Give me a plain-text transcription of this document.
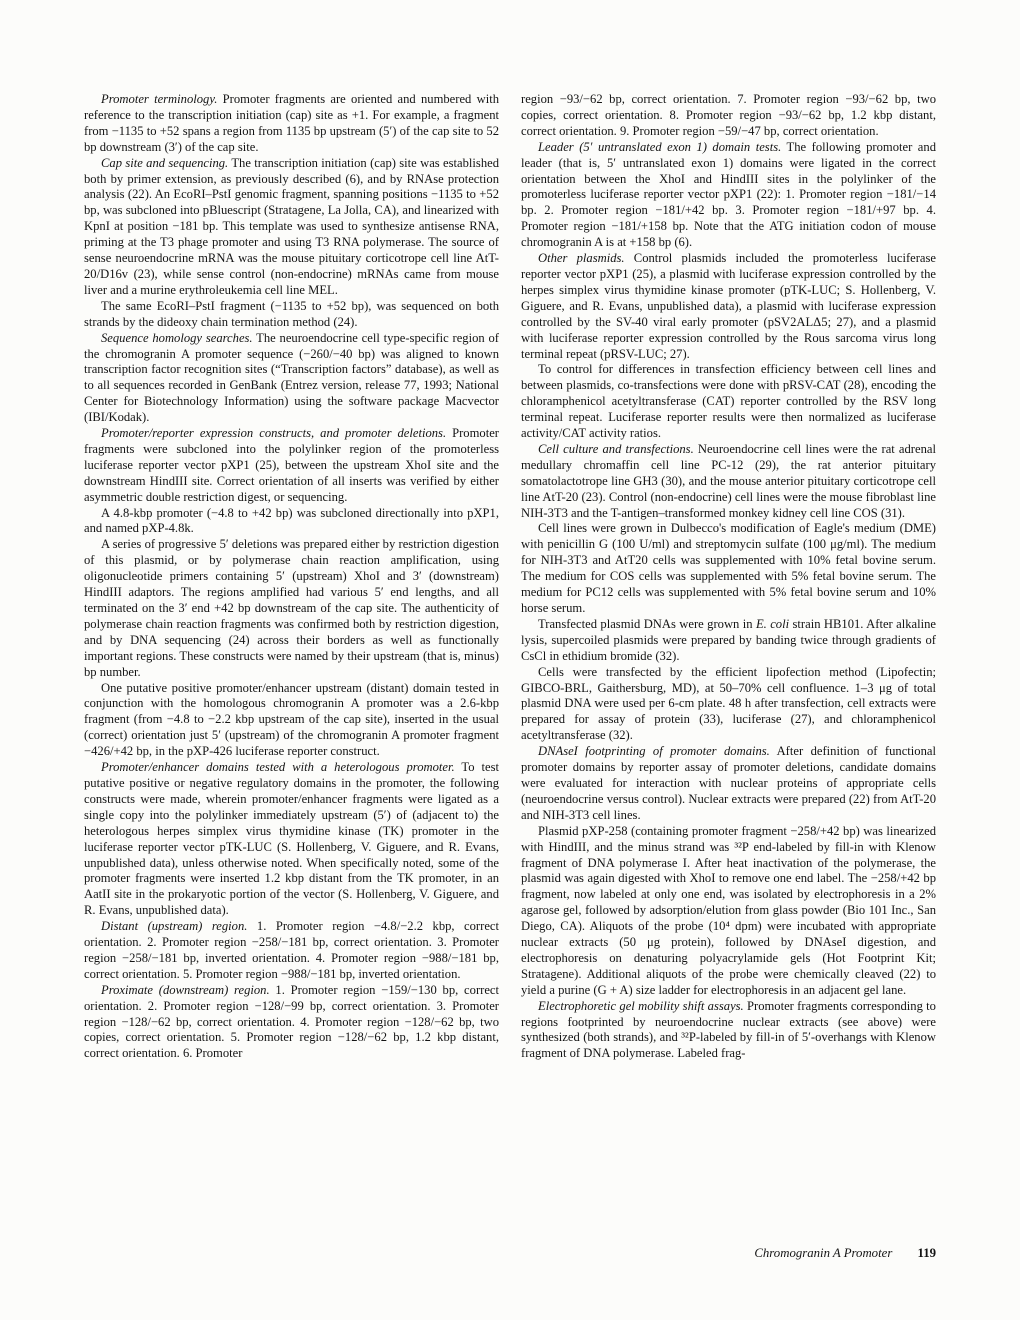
Promoter terminology. Promoter fragments are oriented and numbered with reference to the transcription initiation (cap) site as +1. For example, a fragment from −1135 to +52 spans a region from 1135 bp upstream (5′) of the cap site to 52 bp downstream (3′) of the cap site.

Cap site and sequencing. The transcription initiation (cap) site was established both by primer extension, as previously described (6), and by RNAse protection analysis (22). An EcoRI–PstI genomic fragment, spanning positions −1135 to +52 bp, was subcloned into pBluescript (Stratagene, La Jolla, CA), and linearized with KpnI at position −181 bp. This template was used to synthesize antisense RNA, priming at the T3 phage promoter and using T3 RNA polymerase. The source of sense neuroendocrine mRNA was the mouse pituitary corticotrope cell line AtT-20/D16v (23), while sense control (non-endocrine) mRNAs came from mouse liver and a murine erythroleukemia cell line MEL.

The same EcoRI–PstI fragment (−1135 to +52 bp), was sequenced on both strands by the dideoxy chain termination method (24).

Sequence homology searches. The neuroendocrine cell type-specific region of the chromogranin A promoter sequence (−260/−40 bp) was aligned to known transcription factor recognition sites (“Transcription factors” database), as well as to all sequences recorded in GenBank (Entrez version, release 77, 1993; National Center for Biotechnology Information) using the software package Macvector (IBI/Kodak).

Promoter/reporter expression constructs, and promoter deletions. Promoter fragments were subcloned into the polylinker region of the promoterless luciferase reporter vector pXP1 (25), between the upstream XhoI site and the downstream HindIII site. Correct orientation of all inserts was verified by either asymmetric double restriction digest, or sequencing.

A 4.8-kbp promoter (−4.8 to +42 bp) was subcloned directionally into pXP1, and named pXP-4.8k.

A series of progressive 5′ deletions was prepared either by restriction digestion of this plasmid, or by polymerase chain reaction amplification, using oligonucleotide primers containing 5′ (upstream) XhoI and 3′ (downstream) HindIII adaptors. The regions amplified had various 5′ end lengths, and all terminated on the 3′ end +42 bp downstream of the cap site. The authenticity of polymerase chain reaction fragments was confirmed both by restriction digestion, and by DNA sequencing (24) across their borders as well as functionally important regions. These constructs were named by their upstream (that is, minus) bp number.

One putative positive promoter/enhancer upstream (distant) domain tested in conjunction with the homologous chromogranin A promoter was a 2.6-kbp fragment (from −4.8 to −2.2 kbp upstream of the cap site), inserted in the usual (correct) orientation just 5′ (upstream) of the chromogranin A promoter fragment −426/+42 bp, in the pXP-426 luciferase reporter construct.

Promoter/enhancer domains tested with a heterologous promoter. To test putative positive or negative regulatory domains in the promoter, the following constructs were made, wherein promoter/enhancer fragments were ligated as a single copy into the polylinker immediately upstream (5′) of (adjacent to) the heterologous herpes simplex virus thymidine kinase (TK) promoter in the luciferase reporter vector pTK-LUC (S. Hollenberg, V. Giguere, and R. Evans, unpublished data), unless otherwise noted. When specifically noted, some of the promoter fragments were inserted 1.2 kbp distant from the TK promoter, in an AatII site in the prokaryotic portion of the vector (S. Hollenberg, V. Giguere, and R. Evans, unpublished data).

Distant (upstream) region. 1. Promoter region −4.8/−2.2 kbp, correct orientation. 2. Promoter region −258/−181 bp, correct orientation. 3. Promoter region −258/−181 bp, inverted orientation. 4. Promoter region −988/−181 bp, correct orientation. 5. Promoter region −988/−181 bp, inverted orientation.

Proximate (downstream) region. 1. Promoter region −159/−130 bp, correct orientation. 2. Promoter region −128/−99 bp, correct orientation. 3. Promoter region −128/−62 bp, correct orientation. 4. Promoter region −128/−62 bp, two copies, correct orientation. 5. Promoter region −128/−62 bp, 1.2 kbp distant, correct orientation. 6. Promoter

region −93/−62 bp, correct orientation. 7. Promoter region −93/−62 bp, two copies, correct orientation. 8. Promoter region −93/−62 bp, 1.2 kbp distant, correct orientation. 9. Promoter region −59/−47 bp, correct orientation.

Leader (5′ untranslated exon 1) domain tests. The following promoter and leader (that is, 5′ untranslated exon 1) domains were ligated in the correct orientation between the XhoI and HindIII sites in the polylinker of the promoterless luciferase reporter vector pXP1 (22): 1. Promoter region −181/−14 bp. 2. Promoter region −181/+42 bp. 3. Promoter region −181/+97 bp. 4. Promoter region −181/+158 bp. Note that the ATG initiation codon of mouse chromogranin A is at +158 bp (6).

Other plasmids. Control plasmids included the promoterless luciferase reporter vector pXP1 (25), a plasmid with luciferase expression controlled by the herpes simplex virus thymidine kinase promoter (pTK-LUC; S. Hollenberg, V. Giguere, and R. Evans, unpublished data), a plasmid with luciferase expression controlled by the SV-40 viral early promoter (pSV2ALΔ5; 27), and a plasmid with luciferase reporter expression controlled by the Rous sarcoma virus long terminal repeat (pRSV-LUC; 27).

To control for differences in transfection efficiency between cell lines and between plasmids, co-transfections were done with pRSV-CAT (28), encoding the chloramphenicol acetyltransferase (CAT) reporter controlled by the RSV long terminal repeat. Luciferase reporter results were then normalized as luciferase activity/CAT activity ratios.

Cell culture and transfections. Neuroendocrine cell lines were the rat adrenal medullary chromaffin cell line PC-12 (29), the rat anterior pituitary somatolactotrope line GH3 (30), and the mouse anterior pituitary corticotrope cell line AtT-20 (23). Control (non-endocrine) cell lines were the mouse fibroblast line NIH-3T3 and the T-antigen–transformed monkey kidney cell line COS (31).

Cell lines were grown in Dulbecco's modification of Eagle's medium (DME) with penicillin G (100 U/ml) and streptomycin sulfate (100 μg/ml). The medium for NIH-3T3 and AtT20 cells was supplemented with 10% fetal bovine serum. The medium for COS cells was supplemented with 5% fetal bovine serum. The medium for PC12 cells was supplemented with 5% fetal bovine serum and 10% horse serum.

Transfected plasmid DNAs were grown in E. coli strain HB101. After alkaline lysis, supercoiled plasmids were prepared by banding twice through gradients of CsCl in ethidium bromide (32).

Cells were transfected by the efficient lipofection method (Lipofectin; GIBCO-BRL, Gaithersburg, MD), at 50–70% cell confluence. 1–3 μg of total plasmid DNA were used per 6-cm plate. 48 h after transfection, cell extracts were prepared for assay of protein (33), luciferase (27), and chloramphenicol acetyltransferase (32).

DNAseI footprinting of promoter domains. After definition of functional promoter domains by reporter assay of promoter deletions, candidate domains were evaluated for interaction with nuclear proteins of appropriate cells (neuroendocrine versus control). Nuclear extracts were prepared (22) from AtT-20 and NIH-3T3 cell lines.

Plasmid pXP-258 (containing promoter fragment −258/+42 bp) was linearized with HindIII, and the minus strand was ³²P end-labeled by fill-in with Klenow fragment of DNA polymerase I. After heat inactivation of the polymerase, the plasmid was again digested with XhoI to remove one end label. The −258/+42 bp fragment, now labeled at only one end, was isolated by electrophoresis in a 2% agarose gel, followed by adsorption/elution from glass powder (Bio 101 Inc., San Diego, CA). Aliquots of the probe (10⁴ dpm) were incubated with appropriate nuclear extracts (50 μg protein), followed by DNAseI digestion, and electrophoresis on denaturing polyacrylamide gels (Hot Footprint Kit; Stratagene). Additional aliquots of the probe were chemically cleaved (22) to yield a purine (G + A) size ladder for electrophoresis in an adjacent gel lane.

Electrophoretic gel mobility shift assays. Promoter fragments corresponding to regions footprinted by neuroendocrine nuclear extracts (see above) were synthesized (both strands), and ³²P-labeled by fill-in of 5′-overhangs with Klenow fragment of DNA polymerase. Labeled frag-

Chromogranin A Promoter 119
